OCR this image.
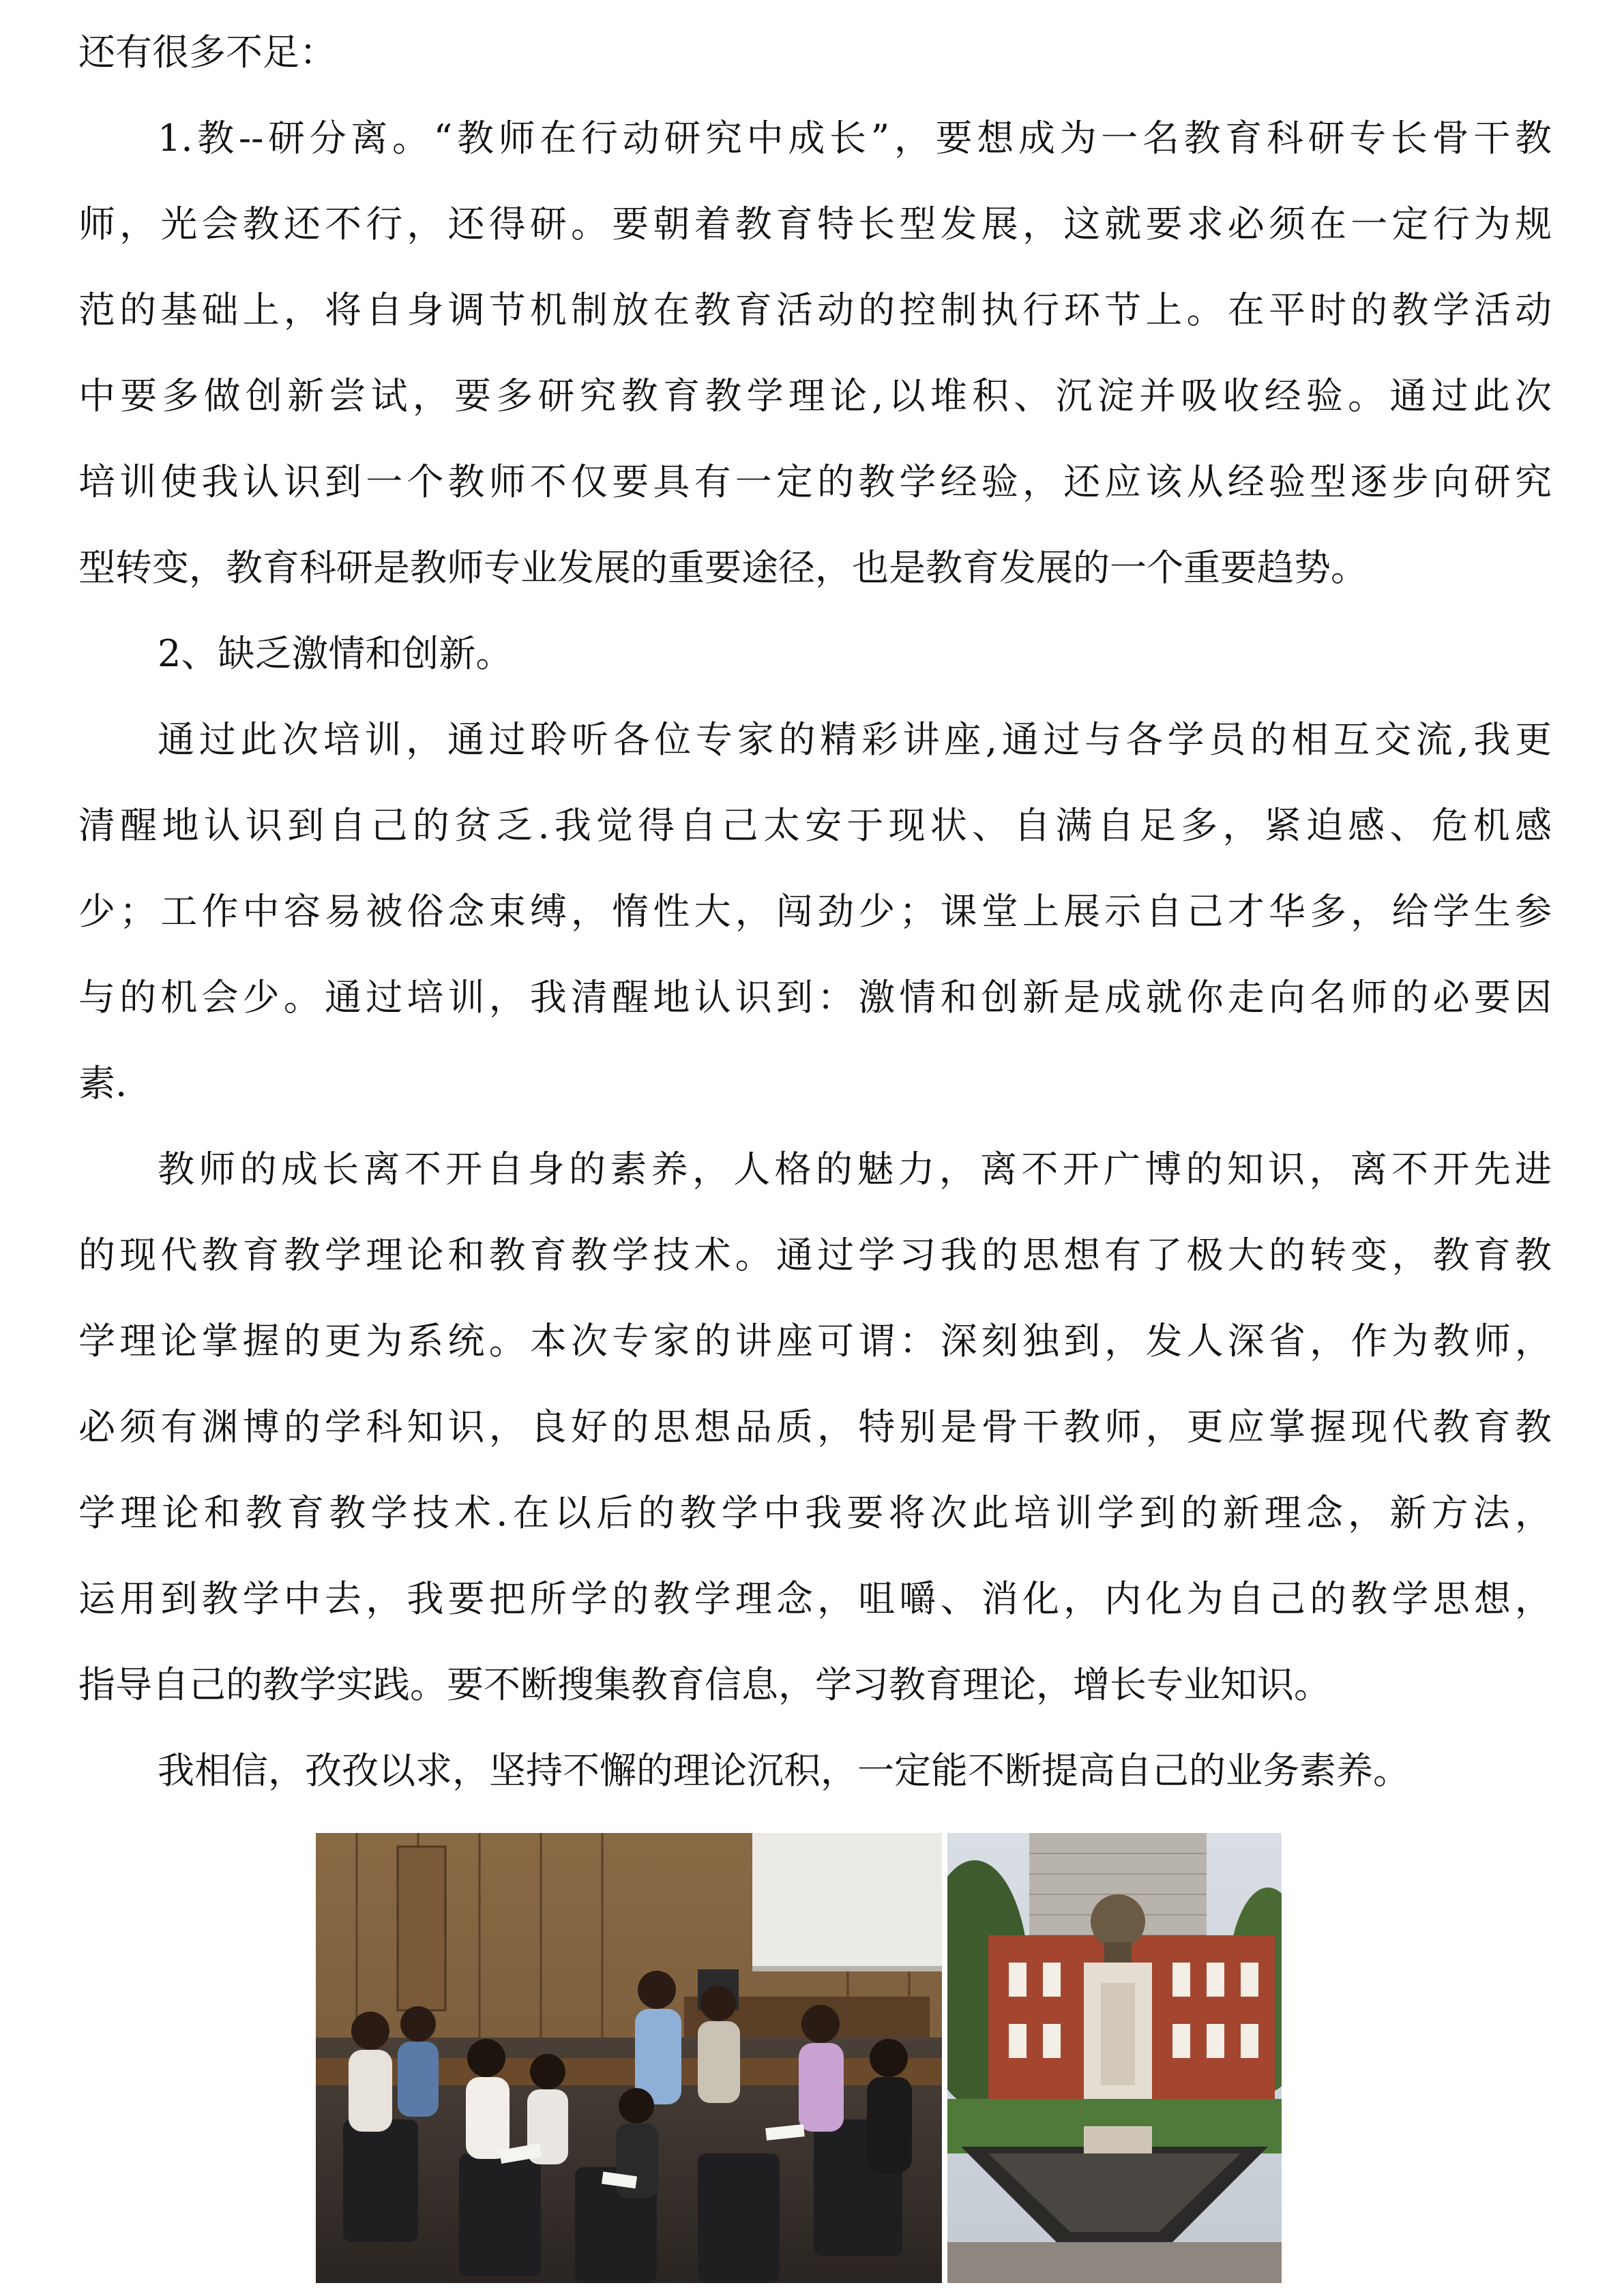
还有很多不足：
1.教--研分离。“教师在行动研究中成长”，要想成为一名教育科研专长骨干教
师，光会教还不行，还得研。要朝着教育特长型发展，这就要求必须在一定行为规
范的基础上，将自身调节机制放在教育活动的控制执行环节上。在平时的教学活动
中要多做创新尝试，要多研究教育教学理论,以堆积、沉淀并吸收经验。通过此次
培训使我认识到一个教师不仅要具有一定的教学经验，还应该从经验型逐步向研究
型转变，教育科研是教师专业发展的重要途径，也是教育发展的一个重要趋势。
2、缺乏激情和创新。
通过此次培训，通过聆听各位专家的精彩讲座,通过与各学员的相互交流,我更
清醒地认识到自己的贫乏.我觉得自己太安于现状、自满自足多，紧迫感、危机感
少；工作中容易被俗念束缚，惰性大，闯劲少；课堂上展示自己才华多，给学生参
与的机会少。通过培训，我清醒地认识到：激情和创新是成就你走向名师的必要因
素.
教师的成长离不开自身的素养，人格的魅力，离不开广博的知识，离不开先进
的现代教育教学理论和教育教学技术。通过学习我的思想有了极大的转变，教育教
学理论掌握的更为系统。本次专家的讲座可谓：深刻独到，发人深省，作为教师，
必须有渊博的学科知识，良好的思想品质，特别是骨干教师，更应掌握现代教育教
学理论和教育教学技术.在以后的教学中我要将次此培训学到的新理念，新方法，
运用到教学中去，我要把所学的教学理念，咀嚼、消化，内化为自己的教学思想，
指导自己的教学实践。要不断搜集教育信息，学习教育理论，增长专业知识。
我相信，孜孜以求，坚持不懈的理论沉积，一定能不断提高自己的业务素养。
